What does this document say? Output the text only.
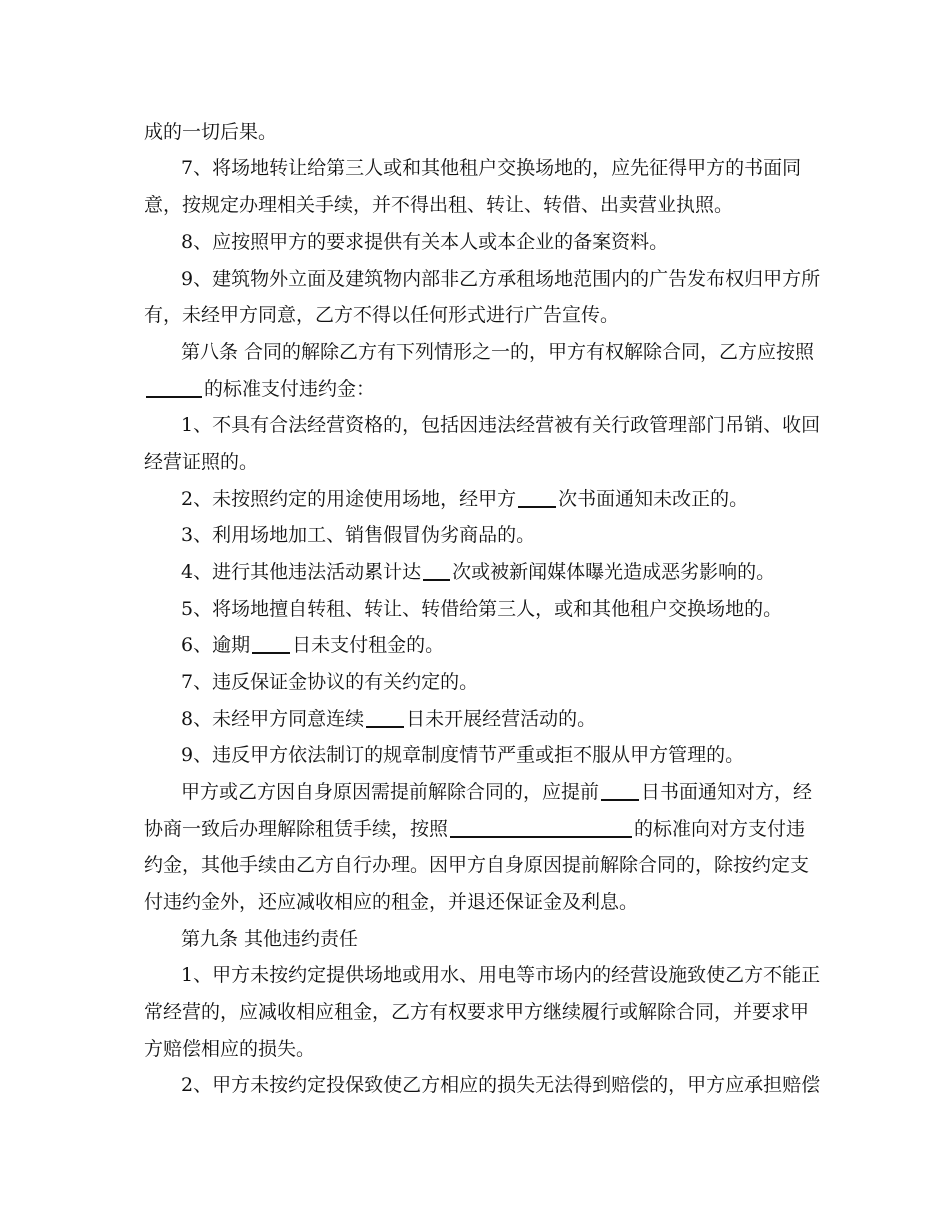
成的一切后果。
7、将场地转让给第三人或和其他租户交换场地的，应先征得甲方的书面同
意，按规定办理相关手续，并不得出租、转让、转借、出卖营业执照。
8、应按照甲方的要求提供有关本人或本企业的备案资料。
9、建筑物外立面及建筑物内部非乙方承租场地范围内的广告发布权归甲方所
有，未经甲方同意，乙方不得以任何形式进行广告宣传。
第八条 合同的解除乙方有下列情形之一的，甲方有权解除合同，乙方应按照
的标准支付违约金：
1、不具有合法经营资格的，包括因违法经营被有关行政管理部门吊销、收回
经营证照的。
2、未按照约定的用途使用场地，经甲方 次书面通知未改正的。
3、利用场地加工、销售假冒伪劣商品的。
4、进行其他违法活动累计达 次或被新闻媒体曝光造成恶劣影响的。
5、将场地擅自转租、转让、转借给第三人，或和其他租户交换场地的。
6、逾期 日未支付租金的。
7、违反保证金协议的有关约定的。
8、未经甲方同意连续 日未开展经营活动的。
9、违反甲方依法制订的规章制度情节严重或拒不服从甲方管理的。
甲方或乙方因自身原因需提前解除合同的，应提前 日书面通知对方，经
协商一致后办理解除租赁手续，按照	的标准向对方支付违
约金，其他手续由乙方自行办理。因甲方自身原因提前解除合同的，除按约定支
付违约金外，还应减收相应的租金，并退还保证金及利息。
第九条 其他违约责任
1、甲方未按约定提供场地或用水、用电等市场内的经营设施致使乙方不能正
常经营的，应减收相应租金，乙方有权要求甲方继续履行或解除合同，并要求甲
方赔偿相应的损失。
2、甲方未按约定投保致使乙方相应的损失无法得到赔偿的，甲方应承担赔偿
